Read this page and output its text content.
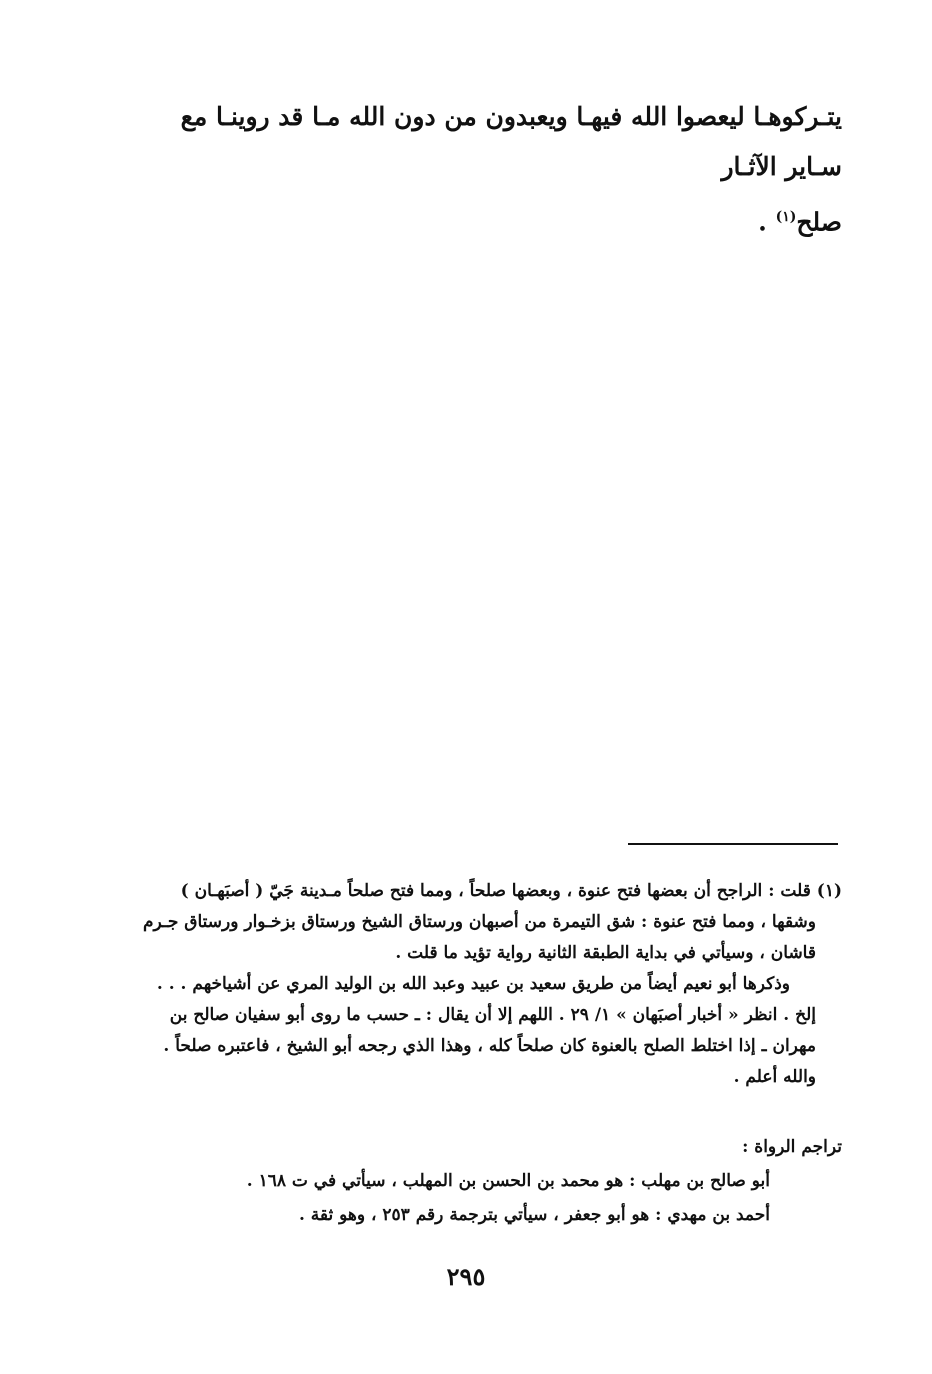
يتـركوهـا ليعصوا الله فيهـا ويعبدون من دون الله مـا قد روينـا مع سـاير الآثـار

صلح$^{(١)}$ .

(١) قلت : الراجح أن بعضها فتح عنوة ، وبعضها صلحاً ، ومما فتح صلحاً مـدينة جَيّ ( أصبَهـان )

وشقها ، ومما فتح عنوة : شق التيمرة من أصبهان ورستاق الشيخ ورستاق بزخـوار ورستاق جـرم

قاشان ، وسيأتي في بداية الطبقة الثانية رواية تؤيد ما قلت .

وذكرها أبو نعيم أيضاً من طريق سعيد بن عبيد وعبد الله بن الوليد المري عن أشياخهم . . .

إلخ . انظر « أخبار أصبَهان » ١/ ٢٩ . اللهم إلا أن يقال : ـ حسب ما روى أبو سفيان صالح بن

مهران ـ إذا اختلط الصلح بالعنوة كان صلحاً كله ، وهذا الذي رجحه أبو الشيخ ، فاعتبره صلحاً .

والله أعلم .

تراجم الرواة :

أبو صالح بن مهلب : هو محمد بن الحسن بن المهلب ، سيأتي في ت ١٦٨ .

أحمد بن مهدي : هو أبو جعفر ، سيأتي بترجمة رقم ٢٥٣ ، وهو ثقة .

٢٩٥
